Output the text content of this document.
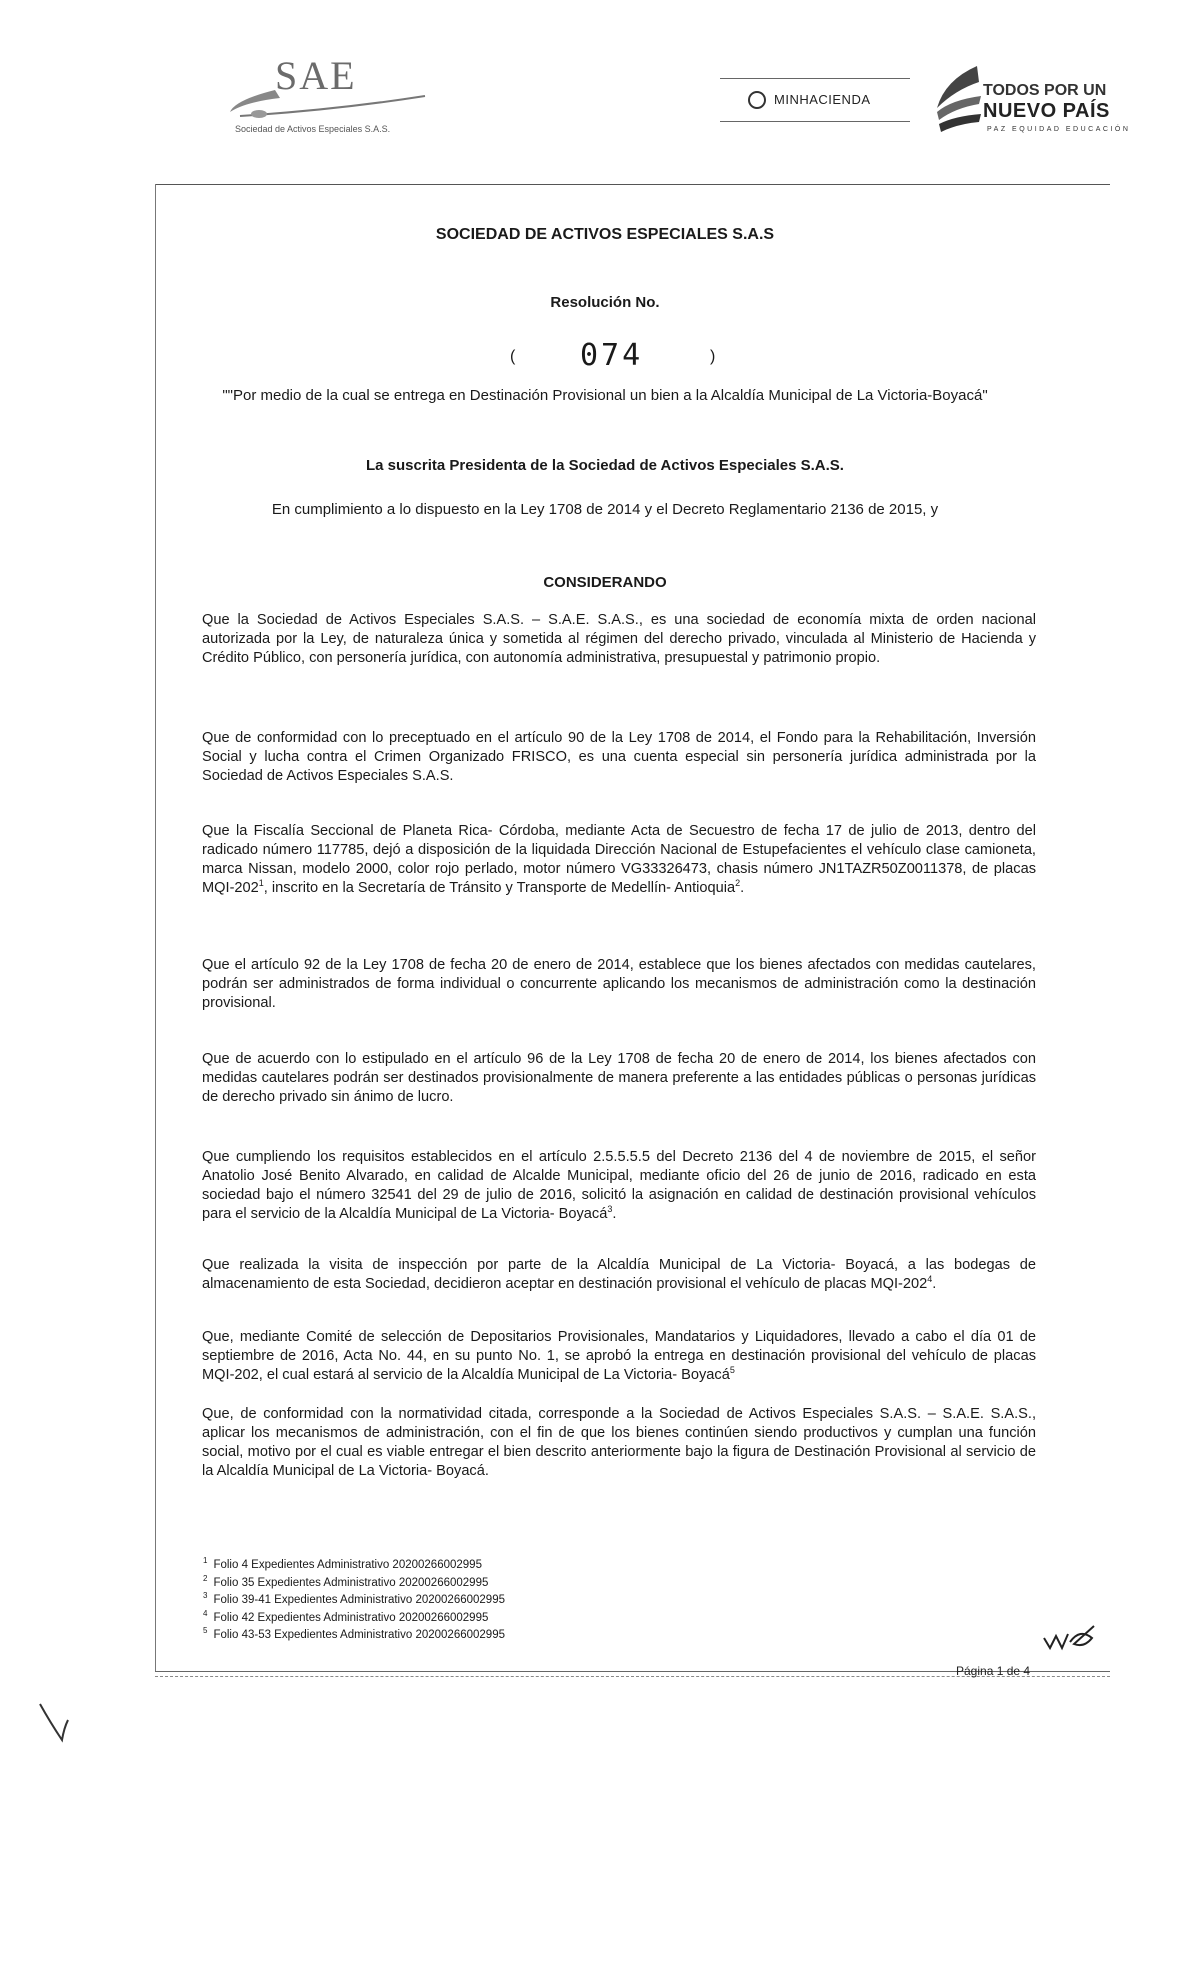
SAE
Sociedad de Activos Especiales S.A.S.
MINHACIENDA
TODOS POR UN
NUEVO PAÍS
PAZ EQUIDAD EDUCACIÓN
SOCIEDAD DE ACTIVOS ESPECIALES S.A.S
Resolución No.
( 074	)
""Por medio de la cual se entrega en Destinación Provisional un bien a la Alcaldía Municipal de La Victoria-Boyacá"
La suscrita Presidenta de la Sociedad de Activos Especiales S.A.S.
En cumplimiento a lo dispuesto en la Ley 1708 de 2014 y el Decreto Reglamentario 2136 de 2015, y
CONSIDERANDO

Que la Sociedad de Activos Especiales S.A.S. – S.A.E. S.A.S., es una sociedad de economía mixta de orden nacional autorizada por la Ley, de naturaleza única y sometida al régimen del derecho privado, vinculada al Ministerio de Hacienda y Crédito Público, con personería jurídica, con autonomía administrativa, presupuestal y patrimonio propio.

Que de conformidad con lo preceptuado en el artículo 90 de la Ley 1708 de 2014, el Fondo para la Rehabilitación, Inversión Social y lucha contra el Crimen Organizado FRISCO, es una cuenta especial sin personería jurídica administrada por la Sociedad de Activos Especiales S.A.S.

Que la Fiscalía Seccional de Planeta Rica- Córdoba, mediante Acta de Secuestro de fecha 17 de julio de 2013, dentro del radicado número 117785, dejó a disposición de la liquidada Dirección Nacional de Estupefacientes el vehículo clase camioneta, marca Nissan, modelo 2000, color rojo perlado, motor número VG33326473, chasis número JN1TAZR50Z0011378, de placas MQI-$202^1$, inscrito en la Secretaría de Tránsito y Transporte de Medellín- Antioquia$^2$.

Que el artículo 92 de la Ley 1708 de fecha 20 de enero de 2014, establece que los bienes afectados con medidas cautelares, podrán ser administrados de forma individual o concurrente aplicando los mecanismos de administración como la destinación provisional.

Que de acuerdo con lo estipulado en el artículo 96 de la Ley 1708 de fecha 20 de enero de 2014, los bienes afectados con medidas cautelares podrán ser destinados provisionalmente de manera preferente a las entidades públicas o personas jurídicas de derecho privado sin ánimo de lucro.

Que cumpliendo los requisitos establecidos en el artículo 2.5.5.5.5 del Decreto 2136 del 4 de noviembre de 2015, el señor Anatolio José Benito Alvarado, en calidad de Alcalde Municipal, mediante oficio del 26 de junio de 2016, radicado en esta sociedad bajo el número 32541 del 29 de julio de 2016, solicitó la asignación en calidad de destinación provisional vehículos para el servicio de la Alcaldía Municipal de La Victoria- Boyacá$^3$.

Que realizada la visita de inspección por parte de la Alcaldía Municipal de La Victoria- Boyacá, a las bodegas de almacenamiento de esta Sociedad, decidieron aceptar en destinación provisional el vehículo de placas MQI-$202^4$.

Que, mediante Comité de selección de Depositarios Provisionales, Mandatarios y Liquidadores, llevado a cabo el día 01 de septiembre de 2016, Acta No. 44, en su punto No. 1, se aprobó la entrega en destinación provisional del vehículo de placas MQI-202, el cual estará al servicio de la Alcaldía Municipal de La Victoria- Boyacá$^5$

Que, de conformidad con la normatividad citada, corresponde a la Sociedad de Activos Especiales S.A.S. – S.A.E. S.A.S., aplicar los mecanismos de administración, con el fin de que los bienes continúen siendo productivos y cumplan una función social, motivo por el cual es viable entregar el bien descrito anteriormente bajo la figura de Destinación Provisional al servicio de la Alcaldía Municipal de La Victoria- Boyacá.

$^1$ Folio 4 Expedientes Administrativo 20200266002995
$^2$ Folio 35 Expedientes Administrativo 20200266002995
$^3$ Folio 39-41 Expedientes Administrativo 20200266002995
$^4$ Folio 42 Expedientes Administrativo 20200266002995
$^5$ Folio 43-53 Expedientes Administrativo 20200266002995
Página 1 de 4
